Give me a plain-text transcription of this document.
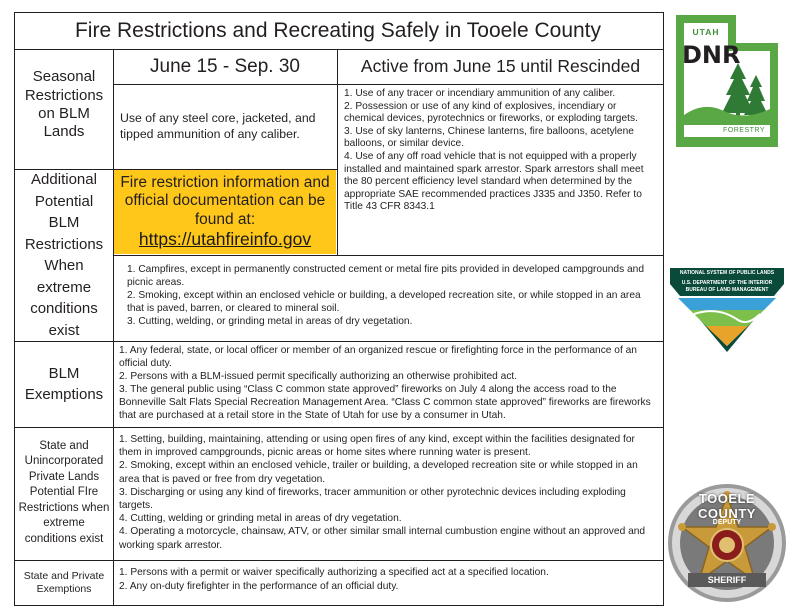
Fire Restrictions and Recreating Safely in Tooele County
June 15 - Sep. 30	Active from June 15 until Rescinded
Seasonal Restrictions on BLM Lands
Additional Potential BLM Restrictions When extreme conditions exist
BLM Exemptions
State and Unincorporated Private Lands Potential FIre Restrictions when extreme conditions exist
State and Private Exemptions
Use of any steel core, jacketed, and tipped ammunition of any caliber.
1. Use of any tracer or incendiary ammunition of any caliber.
2. Possession or use of any kind of explosives, incendiary or chemical devices, pyrotechnics or fireworks, or exploding targets.
3. Use of sky lanterns, Chinese lanterns, fire balloons, acetylene balloons, or similar device.
4. Use of any off road vehicle that is not equipped with a properly installed and maintained spark arrestor. Spark arrestors shall meet the 80 percent efficiency level standard when determined by the appropriate SAE recommended practices J335 and J350. Refer to Title 43 CFR 8343.1
Fire restriction information and official documentation can be found at:
https://utahfireinfo.gov
1. Campfires, except in permanently constructed cement or metal fire pits provided in developed campgrounds and picnic areas.
2. Smoking, except within an enclosed vehicle or building, a developed recreation site, or while stopped in an area that is paved, barren, or cleared to mineral soil.
3. Cutting, welding, or grinding metal in areas of dry vegetation.
1. Any federal, state, or local officer or member of an organized rescue or firefighting force in the performance of an official duty.
2. Persons with a BLM-issued permit specifically authorizing an otherwise prohibited act.
3. The general public using “Class C common state approved” fireworks on July 4 along the access road to the Bonneville Salt Flats Special Recreation Management Area. “Class C common state approved” fireworks are fireworks that are purchased at a retail store in the State of Utah for use by a consumer in Utah.
1. Setting, building, maintaining, attending or using open fires of any kind, except within the facilities designated for them in improved campgrounds, picnic areas or home sites where running water is present.
2. Smoking, except within an enclosed vehicle, trailer or building, a developed recreation site or while stopped in an area that is paved or free from dry vegetation.
3. Discharging or using any kind of fireworks, tracer ammunition or other pyrotechnic devices including exploding targets.
4. Cutting, welding or grinding metal in areas of dry vegetation.
4. Operating a motorcycle, chainsaw, ATV, or other similar small internal cumbustion engine without an approved and working spark arrestor.
1. Persons with a permit or waiver specifically authorizing a specified act at a specified location.
2. Any on-duty firefighter in the performance of an official duty.
UTAH
DNR
FORESTRY
NATIONAL SYSTEM OF PUBLIC LANDS
U.S. DEPARTMENT OF THE INTERIOR
BUREAU OF LAND MANAGEMENT
TOOELE COUNTY
DEPUTY
SHERIFF
